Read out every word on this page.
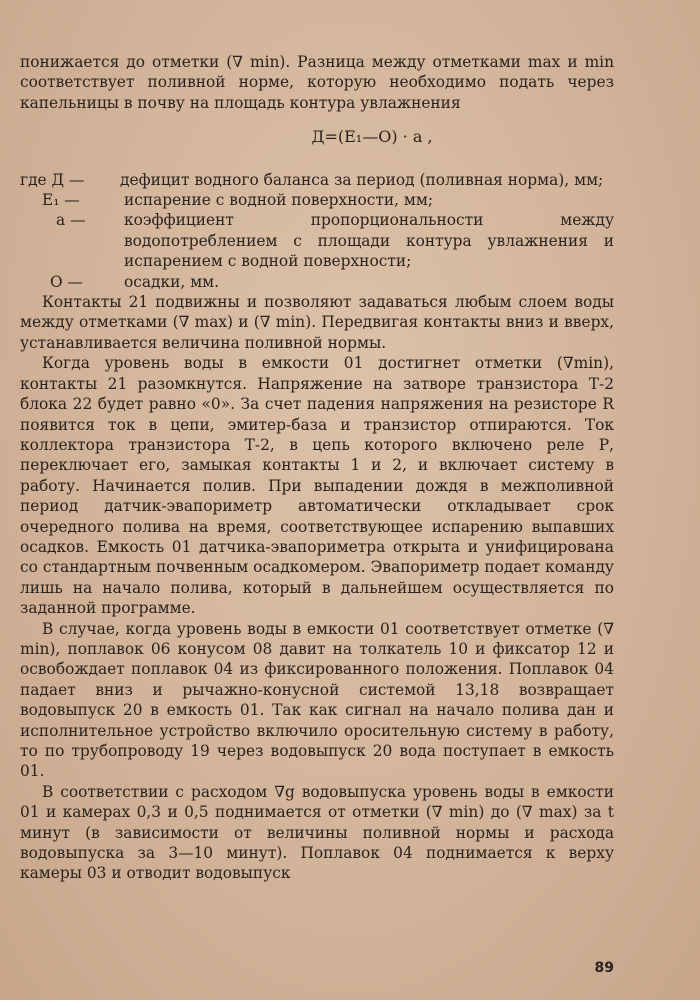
понижается до отметки (∇ min). Разница между отметками max и min соответствует поливной норме, которую необходимо подать через капельницы в почву на площадь контура увлажнения

Д=(E₁—O) · a ,
где Д —	дефицит водного баланса за период (поливная норма), мм;
E₁ —	испарение с водной поверхности, мм;
a —	коэффициент пропорциональности между водопотреблением с площади контура увлажнения и испарением с водной поверхности;
O —	осадки, мм.

Контакты 21 подвижны и позволяют задаваться любым слоем воды между отметками (∇ max) и (∇ min). Передвигая контакты вниз и вверх, устанавливается величина поливной нормы.

Когда уровень воды в емкости 01 достигнет отметки (∇min), контакты 21 разомкнутся. Напряжение на затворе транзистора Т-2 блока 22 будет равно «0». За счет падения напряжения на резисторе R появится ток в цепи, эмитер-база и транзистор отпираются. Ток коллектора транзистора Т-2, в цепь которого включено реле Р, переключает его, замыкая контакты 1 и 2, и включает систему в работу. Начинается полив. При выпадении дождя в межполивной период датчик-эвапориметр автоматически откладывает срок очередного полива на время, соответствующее испарению выпавших осадков. Емкость 01 датчика-эвапориметра открыта и унифицирована со стандартным почвенным осадкомером. Эвапориметр подает команду лишь на начало полива, который в дальнейшем осуществляется по заданной программе.

В случае, когда уровень воды в емкости 01 соответствует отметке (∇ min), поплавок 06 конусом 08 давит на толкатель 10 и фиксатор 12 и освобождает поплавок 04 из фиксированного положения. Поплавок 04 падает вниз и рычажно-конусной системой 13,18 возвращает водовыпуск 20 в емкость 01. Так как сигнал на начало полива дан и исполнительное устройство включило оросительную систему в работу, то по трубопроводу 19 через водовыпуск 20 вода поступает в емкость 01.

В соответствии с расходом ∇g водовыпуска уровень воды в емкости 01 и камерах 0,3 и 0,5 поднимается от отметки (∇ min) до (∇ max) за t минут (в зависимости от величины поливной нормы и расхода водовыпуска за 3—10 минут). Поплавок 04 поднимается к верху камеры 03 и отводит водовыпуск

89
